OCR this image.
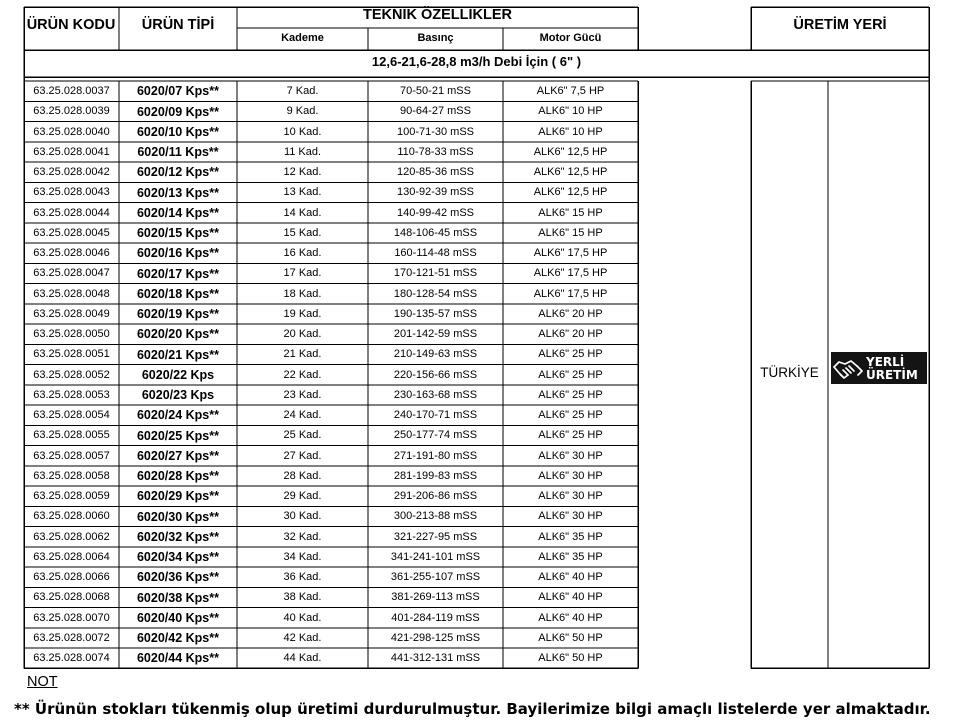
ÜRÜN KODU	ÜRÜN TİPİ
TEKNİK ÖZELLİKLER
Kademe	Basınç	Motor Gücü
ÜRETİM YERİ
12,6-21,6-28,8 m3/h Debi İçin ( 6" )
63.25.028.0037	6020/07 Kps**	7 Kad.	70-50-21 mSS	ALK6" 7,5 HP
63.25.028.0039	6020/09 Kps**	9 Kad.	90-64-27 mSS	ALK6" 10 HP
63.25.028.0040	6020/10 Kps**	10 Kad.	100-71-30 mSS	ALK6" 10 HP
63.25.028.0041	6020/11 Kps**	11 Kad.	110-78-33 mSS	ALK6" 12,5 HP
63.25.028.0042	6020/12 Kps**	12 Kad.	120-85-36 mSS	ALK6" 12,5 HP
63.25.028.0043	6020/13 Kps**	13 Kad.	130-92-39 mSS	ALK6" 12,5 HP
63.25.028.0044	6020/14 Kps**	14 Kad.	140-99-42 mSS	ALK6" 15 HP
63.25.028.0045	6020/15 Kps**	15 Kad.	148-106-45 mSS	ALK6" 15 HP
63.25.028.0046	6020/16 Kps**	16 Kad.	160-114-48 mSS	ALK6" 17,5 HP
63.25.028.0047	6020/17 Kps**	17 Kad.	170-121-51 mSS	ALK6" 17,5 HP
63.25.028.0048	6020/18 Kps**	18 Kad.	180-128-54 mSS	ALK6" 17,5 HP
63.25.028.0049	6020/19 Kps**	19 Kad.	190-135-57 mSS	ALK6" 20 HP
63.25.028.0050	6020/20 Kps**	20 Kad.	201-142-59 mSS	ALK6" 20 HP
63.25.028.0051	6020/21 Kps**	21 Kad.	210-149-63 mSS	ALK6" 25 HP
63.25.028.0052	6020/22 Kps	22 Kad.	220-156-66 mSS	ALK6" 25 HP
63.25.028.0053	6020/23 Kps	23 Kad.	230-163-68 mSS	ALK6" 25 HP
63.25.028.0054	6020/24 Kps**	24 Kad.	240-170-71 mSS	ALK6" 25 HP
63.25.028.0055	6020/25 Kps**	25 Kad.	250-177-74 mSS	ALK6" 25 HP
63.25.028.0057	6020/27 Kps**	27 Kad.	271-191-80 mSS	ALK6" 30 HP
63.25.028.0058	6020/28 Kps**	28 Kad.	281-199-83 mSS	ALK6" 30 HP
63.25.028.0059	6020/29 Kps**	29 Kad.	291-206-86 mSS	ALK6" 30 HP
63.25.028.0060	6020/30 Kps**	30 Kad.	300-213-88 mSS	ALK6" 30 HP
63.25.028.0062	6020/32 Kps**	32 Kad.	321-227-95 mSS	ALK6" 35 HP
63.25.028.0064	6020/34 Kps**	34 Kad.	341-241-101 mSS	ALK6" 35 HP
63.25.028.0066	6020/36 Kps**	36 Kad.	361-255-107 mSS	ALK6" 40 HP
63.25.028.0068	6020/38 Kps**	38 Kad.	381-269-113 mSS	ALK6" 40 HP
63.25.028.0070	6020/40 Kps**	40 Kad.	401-284-119 mSS	ALK6" 40 HP
63.25.028.0072	6020/42 Kps**	42 Kad.	421-298-125 mSS	ALK6" 50 HP
63.25.028.0074	6020/44 Kps**	44 Kad.	441-312-131 mSS	ALK6" 50 HP
TÜRKİYE
YERLİ
ÜRETİM
NOT
** Ürünün stokları tükenmiş olup üretimi durdurulmuştur. Bayilerimize bilgi amaçlı listelerde yer almaktadır.
